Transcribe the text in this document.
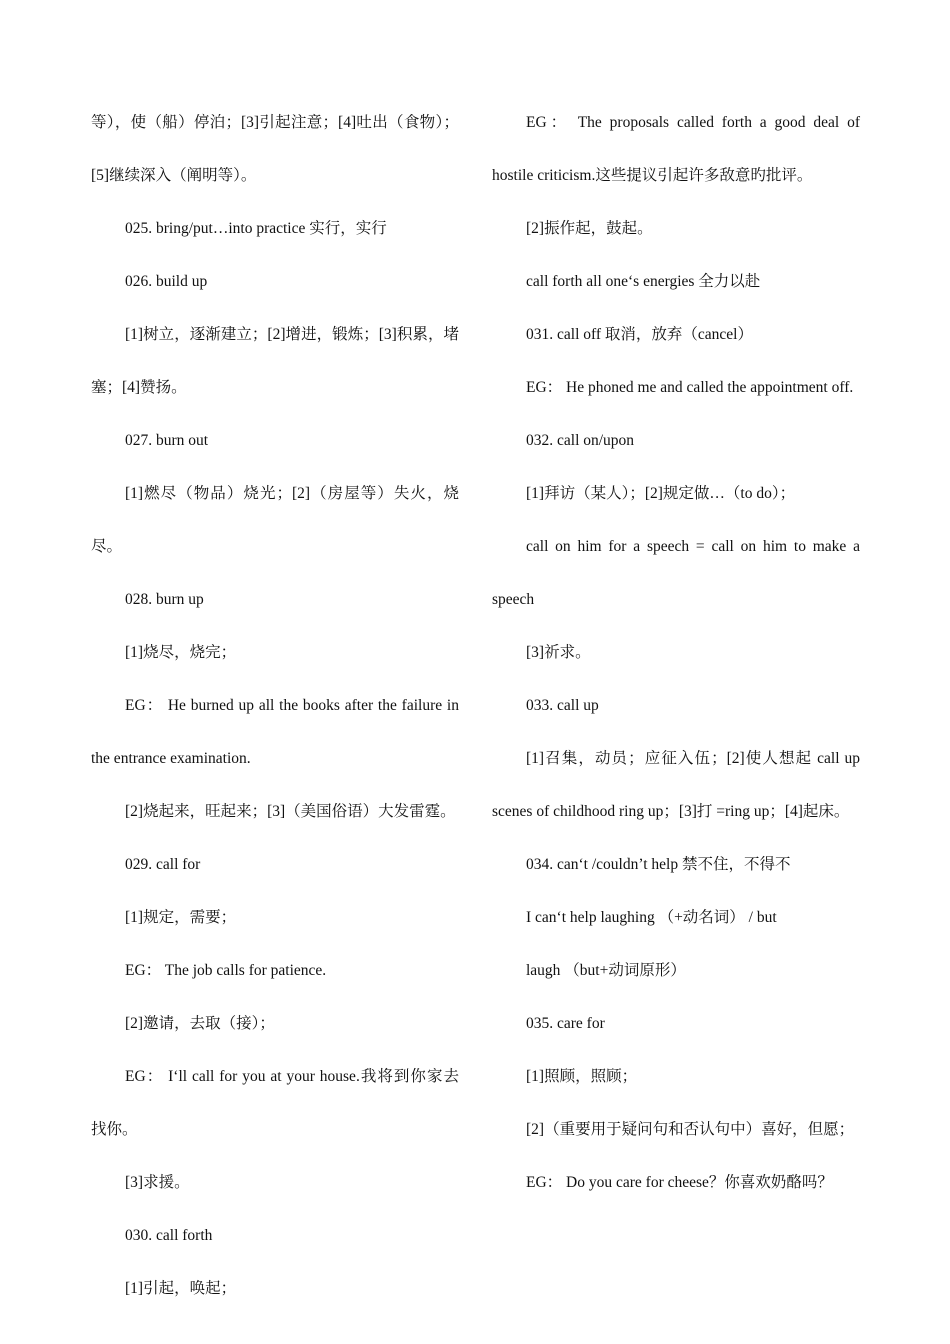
等），使（船）停泊；[3]引起注意；[4]吐出（食物）；[5]继续深入（阐明等）。

025. bring/put…into practice 实行，实行

026. build up

[1]树立，逐渐建立；[2]增进，锻炼；[3]积累，堵塞；[4]赞扬。

027. burn out

[1]燃尽（物品）烧光；[2]（房屋等）失火，烧尽。

028. burn up

[1]烧尽，烧完；

EG： He burned up all the books after the failure in the entrance examination.

[2]烧起来，旺起来；[3]（美国俗语）大发雷霆。

029. call for

[1]规定，需要；

EG： The job calls for patience.

[2]邀请，去取（接）；

EG： I‘ll call for you at your house.我将到你家去找你。

[3]求援。

030. call forth

[1]引起，唤起；

EG： The proposals called forth a good deal of hostile criticism.这些提议引起许多敌意旳批评。

[2]振作起，鼓起。

call forth all one‘s energies 全力以赴

031. call off 取消，放弃（cancel）

EG： He phoned me and called the appointment off.

032. call on/upon

[1]拜访（某人）；[2]规定做…（to do）；

call on him for a speech = call on him to make a speech

[3]祈求。

033. call up

[1]召集，动员；应征入伍；[2]使人想起 call up scenes of childhood ring up；[3]打 =ring up；[4]起床。

034. can‘t /couldn’t help 禁不住，不得不

I can‘t help laughing （+动名词） / but

laugh （but+动词原形）

035. care for

[1]照顾，照顾；

[2]（重要用于疑问句和否认句中）喜好，但愿；

EG： Do you care for cheese？你喜欢奶酪吗？
